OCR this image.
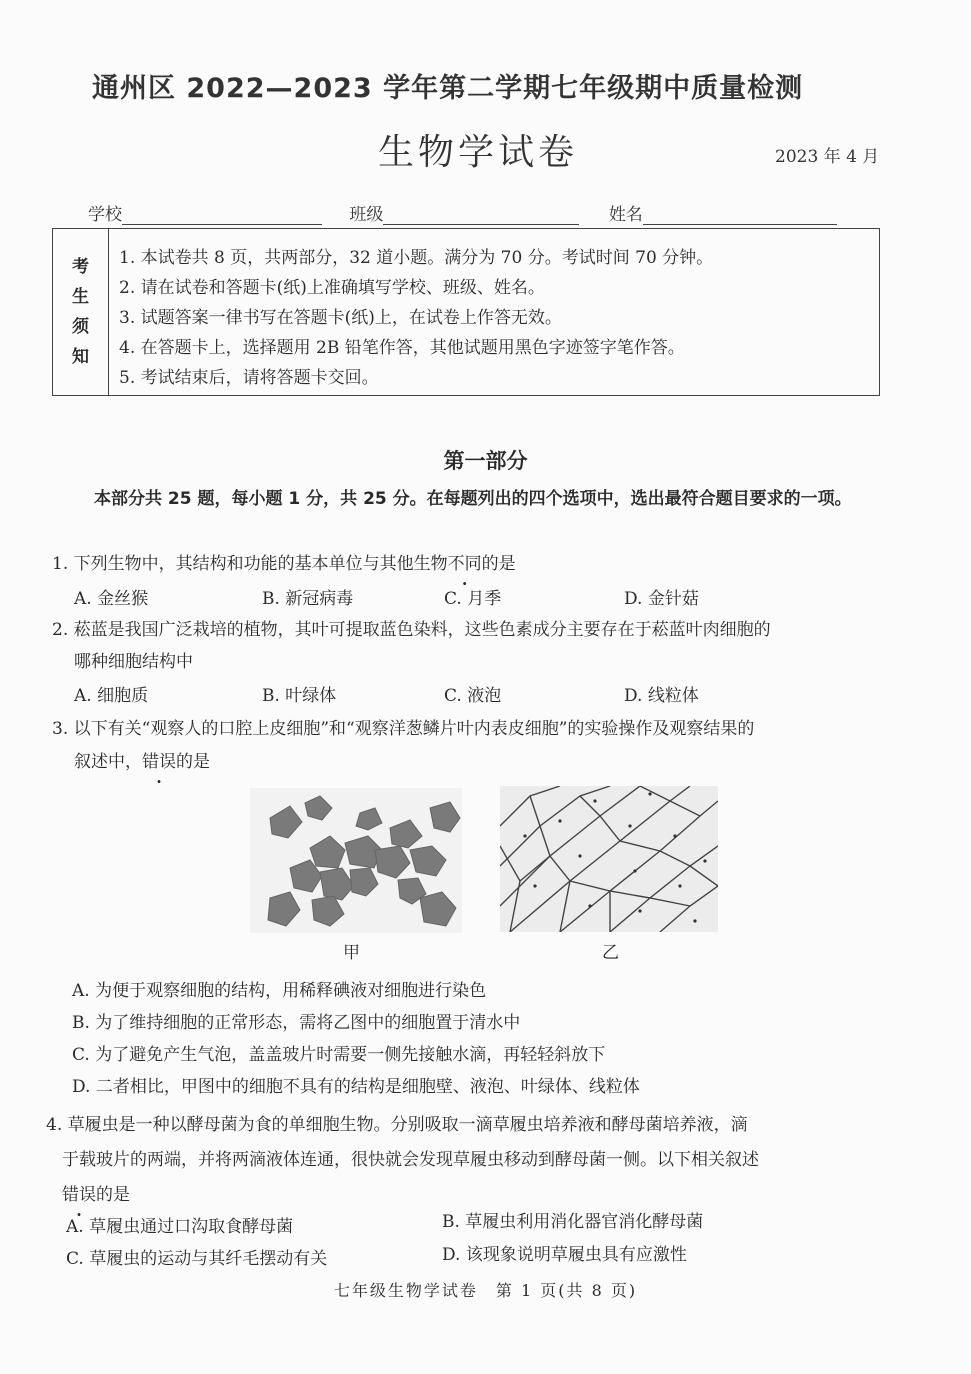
通州区 2022—2023 学年第二学期七年级期中质量检测
生物学试卷	2023 年 4 月
学校	班级	姓名
考
生
须
知
1. 本试卷共 8 页，共两部分，32 道小题。满分为 70 分。考试时间 70 分钟。
2. 请在试卷和答题卡(纸)上准确填写学校、班级、姓名。
3. 试题答案一律书写在答题卡(纸)上，在试卷上作答无效。
4. 在答题卡上，选择题用 2B 铅笔作答，其他试题用黑色字迹签字笔作答。
5. 考试结束后，请将答题卡交回。
第一部分
本部分共 25 题，每小题 1 分，共 25 分。在每题列出的四个选项中，选出最符合题目要求的一项。
1. 下列生物中，其结构和功能的基本单位与其他生物不同的是
A. 金丝猴	B. 新冠病毒	C. 月季	D. 金针菇
2. 菘蓝是我国广泛栽培的植物，其叶可提取蓝色染料，这些色素成分主要存在于菘蓝叶肉细胞的
哪种细胞结构中
A. 细胞质	B. 叶绿体	C. 液泡	D. 线粒体
3. 以下有关“观察人的口腔上皮细胞”和“观察洋葱鳞片叶内表皮细胞”的实验操作及观察结果的
叙述中，错误的是
甲	乙
A. 为便于观察细胞的结构，用稀释碘液对细胞进行染色
B. 为了维持细胞的正常形态，需将乙图中的细胞置于清水中
C. 为了避免产生气泡，盖盖玻片时需要一侧先接触水滴，再轻轻斜放下
D. 二者相比，甲图中的细胞不具有的结构是细胞壁、液泡、叶绿体、线粒体
4. 草履虫是一种以酵母菌为食的单细胞生物。分别吸取一滴草履虫培养液和酵母菌培养液，滴
于载玻片的两端，并将两滴液体连通，很快就会发现草履虫移动到酵母菌一侧。以下相关叙述
错误的是
A. 草履虫通过口沟取食酵母菌	B. 草履虫利用消化器官消化酵母菌
C. 草履虫的运动与其纤毛摆动有关	D. 该现象说明草履虫具有应激性
七年级生物学试卷　第 1 页(共 8 页)
